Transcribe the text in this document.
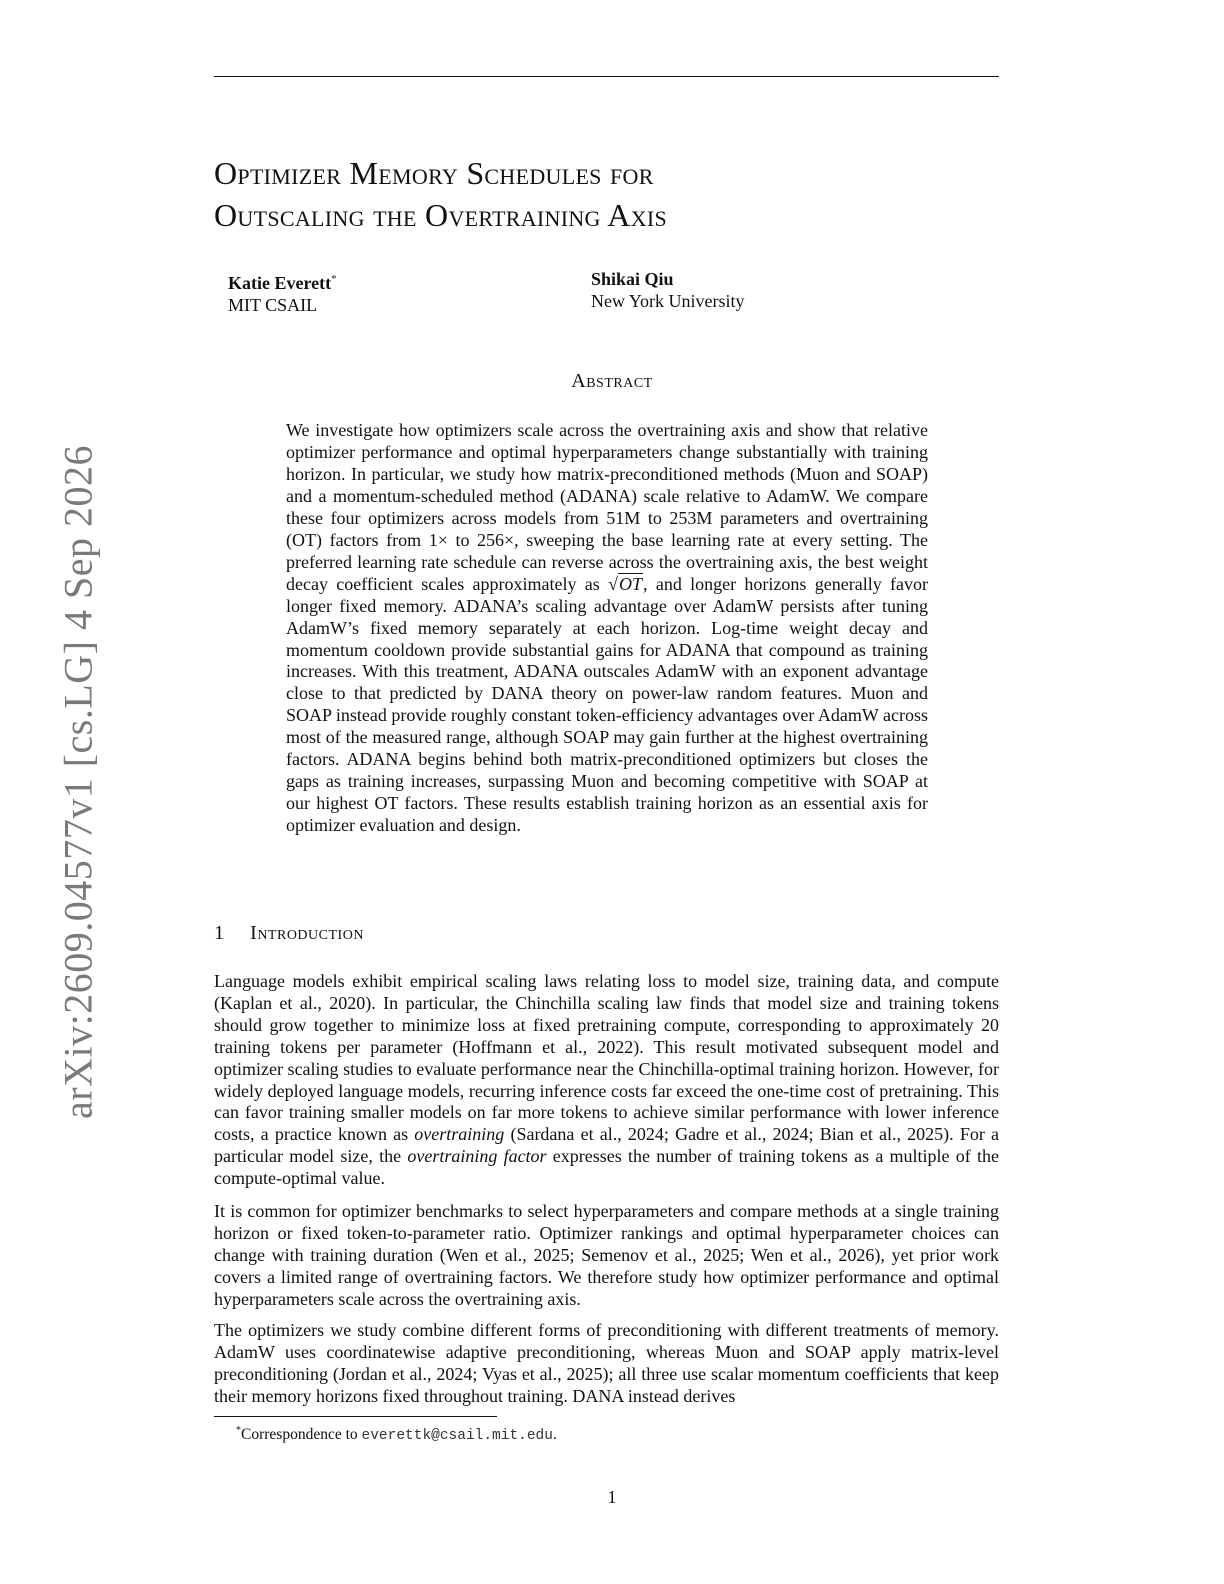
arXiv:2609.04577v1 [cs.LG] 4 Sep 2026
Optimizer Memory Schedules for
Outscaling the Overtraining Axis
Katie Everett*
MIT CSAIL
Shikai Qiu
New York University
Abstract

We investigate how optimizers scale across the overtraining axis and show that relative optimizer performance and optimal hyperparameters change substantially with training horizon. In particular, we study how matrix-preconditioned methods (Muon and SOAP) and a momentum-scheduled method (ADANA) scale relative to AdamW. We compare these four optimizers across models from 51M to 253M parameters and overtraining (OT) factors from 1× to 256×, sweeping the base learning rate at every setting. The preferred learning rate schedule can reverse across the overtraining axis, the best weight decay coefficient scales approximately as √OT, and longer horizons generally favor longer fixed memory. ADANA’s scaling advantage over AdamW persists after tuning AdamW’s fixed memory separately at each horizon. Log-time weight decay and momentum cooldown provide substantial gains for ADANA that compound as training increases. With this treatment, ADANA outscales AdamW with an exponent advantage close to that predicted by DANA theory on power-law random features. Muon and SOAP instead provide roughly constant token-efficiency advantages over AdamW across most of the measured range, although SOAP may gain further at the highest overtraining factors. ADANA begins behind both matrix-preconditioned optimizers but closes the gaps as training increases, surpassing Muon and becoming competitive with SOAP at our highest OT factors. These results establish training horizon as an essential axis for optimizer evaluation and design.

1 Introduction

Language models exhibit empirical scaling laws relating loss to model size, training data, and compute (Kaplan et al., 2020). In particular, the Chinchilla scaling law finds that model size and training tokens should grow together to minimize loss at fixed pretraining compute, corresponding to approximately 20 training tokens per parameter (Hoffmann et al., 2022). This result motivated subsequent model and optimizer scaling studies to evaluate performance near the Chinchilla-optimal training horizon. However, for widely deployed language models, recurring inference costs far exceed the one-time cost of pretraining. This can favor training smaller models on far more tokens to achieve similar performance with lower inference costs, a practice known as overtraining (Sardana et al., 2024; Gadre et al., 2024; Bian et al., 2025). For a particular model size, the overtraining factor expresses the number of training tokens as a multiple of the compute-optimal value.

It is common for optimizer benchmarks to select hyperparameters and compare methods at a single training horizon or fixed token-to-parameter ratio. Optimizer rankings and optimal hyperparameter choices can change with training duration (Wen et al., 2025; Semenov et al., 2025; Wen et al., 2026), yet prior work covers a limited range of overtraining factors. We therefore study how optimizer performance and optimal hyperparameters scale across the overtraining axis.

The optimizers we study combine different forms of preconditioning with different treatments of memory. AdamW uses coordinatewise adaptive preconditioning, whereas Muon and SOAP apply matrix-level preconditioning (Jordan et al., 2024; Vyas et al., 2025); all three use scalar momentum coefficients that keep their memory horizons fixed throughout training. DANA instead derives

*Correspondence to everettk@csail.mit.edu.
1
